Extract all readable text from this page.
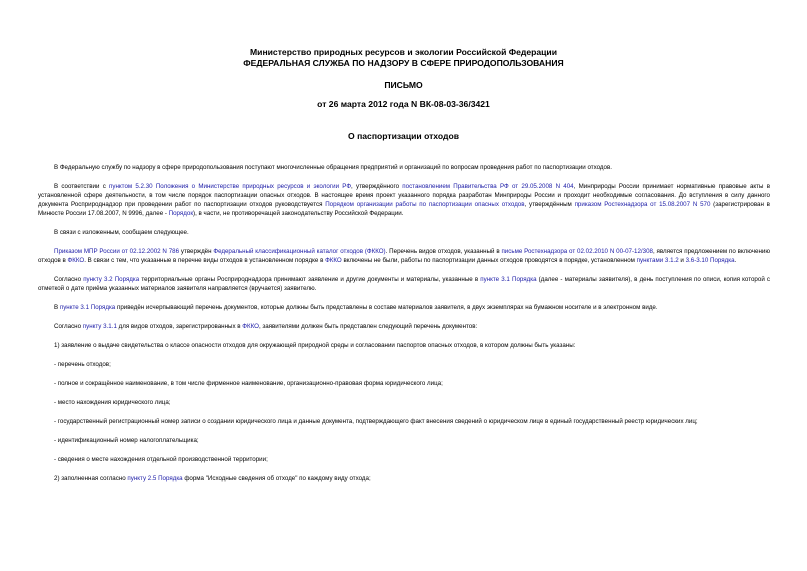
Министерство природных ресурсов и экологии Российской Федерации
ФЕДЕРАЛЬНАЯ СЛУЖБА ПО НАДЗОРУ В СФЕРЕ ПРИРОДОПОЛЬЗОВАНИЯ
ПИСЬМО
от 26 марта 2012 года N ВК-08-03-36/3421
О паспортизации отходов

В Федеральную службу по надзору в сфере природопользования поступают многочисленные обращения предприятий и организаций по вопросам проведения работ по паспортизации отходов.

В соответствии с пунктом 5.2.30 Положения о Министерстве природных ресурсов и экологии РФ, утверждённого постановлением Правительства РФ от 29.05.2008 N 404, Минприроды России принимает нормативные правовые акты в установленной сфере деятельности, в том числе порядок паспортизации опасных отходов. В настоящее время проект указанного порядка разработан Минприроды России и проходит необходимые согласования. До вступления в силу данного документа Росприроднадзор при проведении работ по паспортизации отходов руководствуется Порядком организации работы по паспортизации опасных отходов, утверждённым приказом Ростехнадзора от 15.08.2007 N 570 (зарегистрирован в Минюсте России 17.08.2007, N 9996, далее - Порядок), в части, не противоречащей законодательству Российской Федерации.

В связи с изложенным, сообщаем следующее.

Приказом МПР России от 02.12.2002 N 786 утверждён Федеральный классификационный каталог отходов (ФККО). Перечень видов отходов, указанный в письме Ростехнадзора от 02.02.2010 N 00-07-12/308, является предложением по включению отходов в ФККО. В связи с тем, что указанные в перечне виды отходов в установленном порядке в ФККО включены не были, работы по паспортизации данных отходов проводятся в порядке, установленном пунктами 3.1.2 и 3.6-3.10 Порядка.

Согласно пункту 3.2 Порядка территориальные органы Росприроднадзора принимают заявление и другие документы и материалы, указанные в пункте 3.1 Порядка (далее - материалы заявителя), в день поступления по описи, копия которой с отметкой о дате приёма указанных материалов заявителя направляется (вручается) заявителю.

В пункте 3.1 Порядка приведён исчерпывающий перечень документов, которые должны быть представлены в составе материалов заявителя, в двух экземплярах на бумажном носителе и в электронном виде.

Согласно пункту 3.1.1 для видов отходов, зарегистрированных в ФККО, заявителями должен быть представлен следующий перечень документов:

1) заявление о выдаче свидетельства о классе опасности отходов для окружающей природной среды и согласовании паспортов опасных отходов, в котором должны быть указаны:

- перечень отходов;

- полное и сокращённое наименование, в том числе фирменное наименование, организационно-правовая форма юридического лица;

- место нахождения юридического лица;

- государственный регистрационный номер записи о создании юридического лица и данные документа, подтверждающего факт внесения сведений о юридическом лице в единый государственный реестр юридических лиц;

- идентификационный номер налогоплательщика;

- сведения о месте нахождения отдельной производственной территории;

2) заполненная согласно пункту 2.5 Порядка форма "Исходные сведения об отходе" по каждому виду отхода;
